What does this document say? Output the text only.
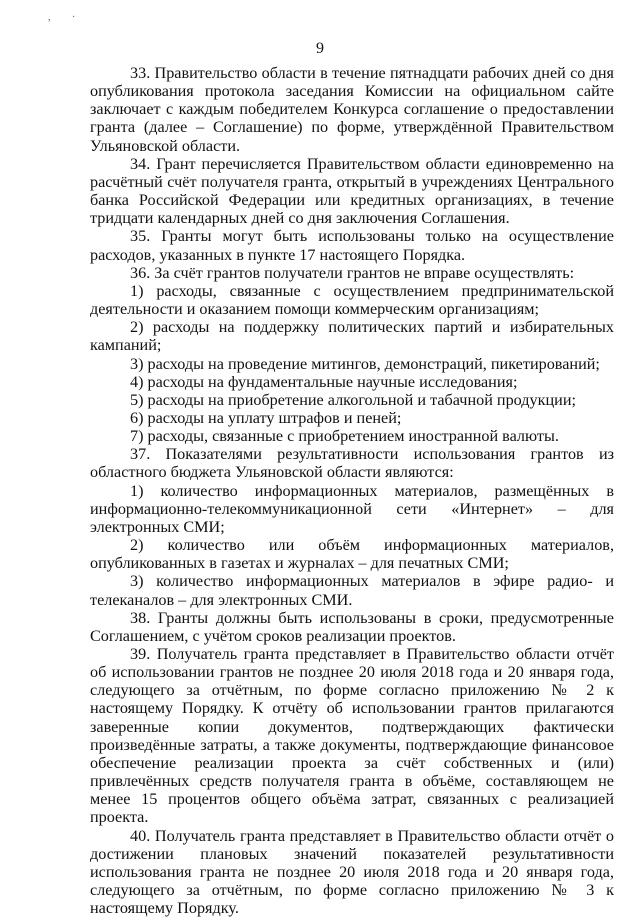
, ·
9

33. Правительство области в течение пятнадцати рабочих дней со дня опубликования протокола заседания Комиссии на официальном сайте заключает с каждым победителем Конкурса соглашение о предоставлении гранта (далее – Соглашение) по форме, утверждённой Правительством Ульяновской области.

34. Грант перечисляется Правительством области единовременно на расчётный счёт получателя гранта, открытый в учреждениях Центрального банка Российской Федерации или кредитных организациях, в течение тридцати календарных дней со дня заключения Соглашения.

35. Гранты могут быть использованы только на осуществление расходов, указанных в пункте 17 настоящего Порядка.

36. За счёт грантов получатели грантов не вправе осуществлять:

1) расходы, связанные с осуществлением предпринимательской деятельности и оказанием помощи коммерческим организациям;

2) расходы на поддержку политических партий и избирательных кампаний;

3) расходы на проведение митингов, демонстраций, пикетирований;

4) расходы на фундаментальные научные исследования;

5) расходы на приобретение алкогольной и табачной продукции;

6) расходы на уплату штрафов и пеней;

7) расходы, связанные с приобретением иностранной валюты.

37. Показателями результативности использования грантов из областного бюджета Ульяновской области являются:

1) количество информационных материалов, размещённых в информационно-телекоммуникационной сети «Интернет» – для электронных СМИ;

2) количество или объём информационных материалов, опубликованных в газетах и журналах – для печатных СМИ;

3) количество информационных материалов в эфире радио- и телеканалов – для электронных СМИ.

38. Гранты должны быть использованы в сроки, предусмотренные Соглашением, с учётом сроков реализации проектов.

39. Получатель гранта представляет в Правительство области отчёт об использовании грантов не позднее 20 июля 2018 года и 20 января года, следующего за отчётным, по форме согласно приложению № 2 к настоящему Порядку. К отчёту об использовании грантов прилагаются заверенные копии документов, подтверждающих фактически произведённые затраты, а также документы, подтверждающие финансовое обеспечение реализации проекта за счёт собственных и (или) привлечённых средств получателя гранта в объёме, составляющем не менее 15 процентов общего объёма затрат, связанных с реализацией проекта.

40. Получатель гранта представляет в Правительство области отчёт о достижении плановых значений показателей результативности использования гранта не позднее 20 июля 2018 года и 20 января года, следующего за отчётным, по форме согласно приложению № 3 к настоящему Порядку.
